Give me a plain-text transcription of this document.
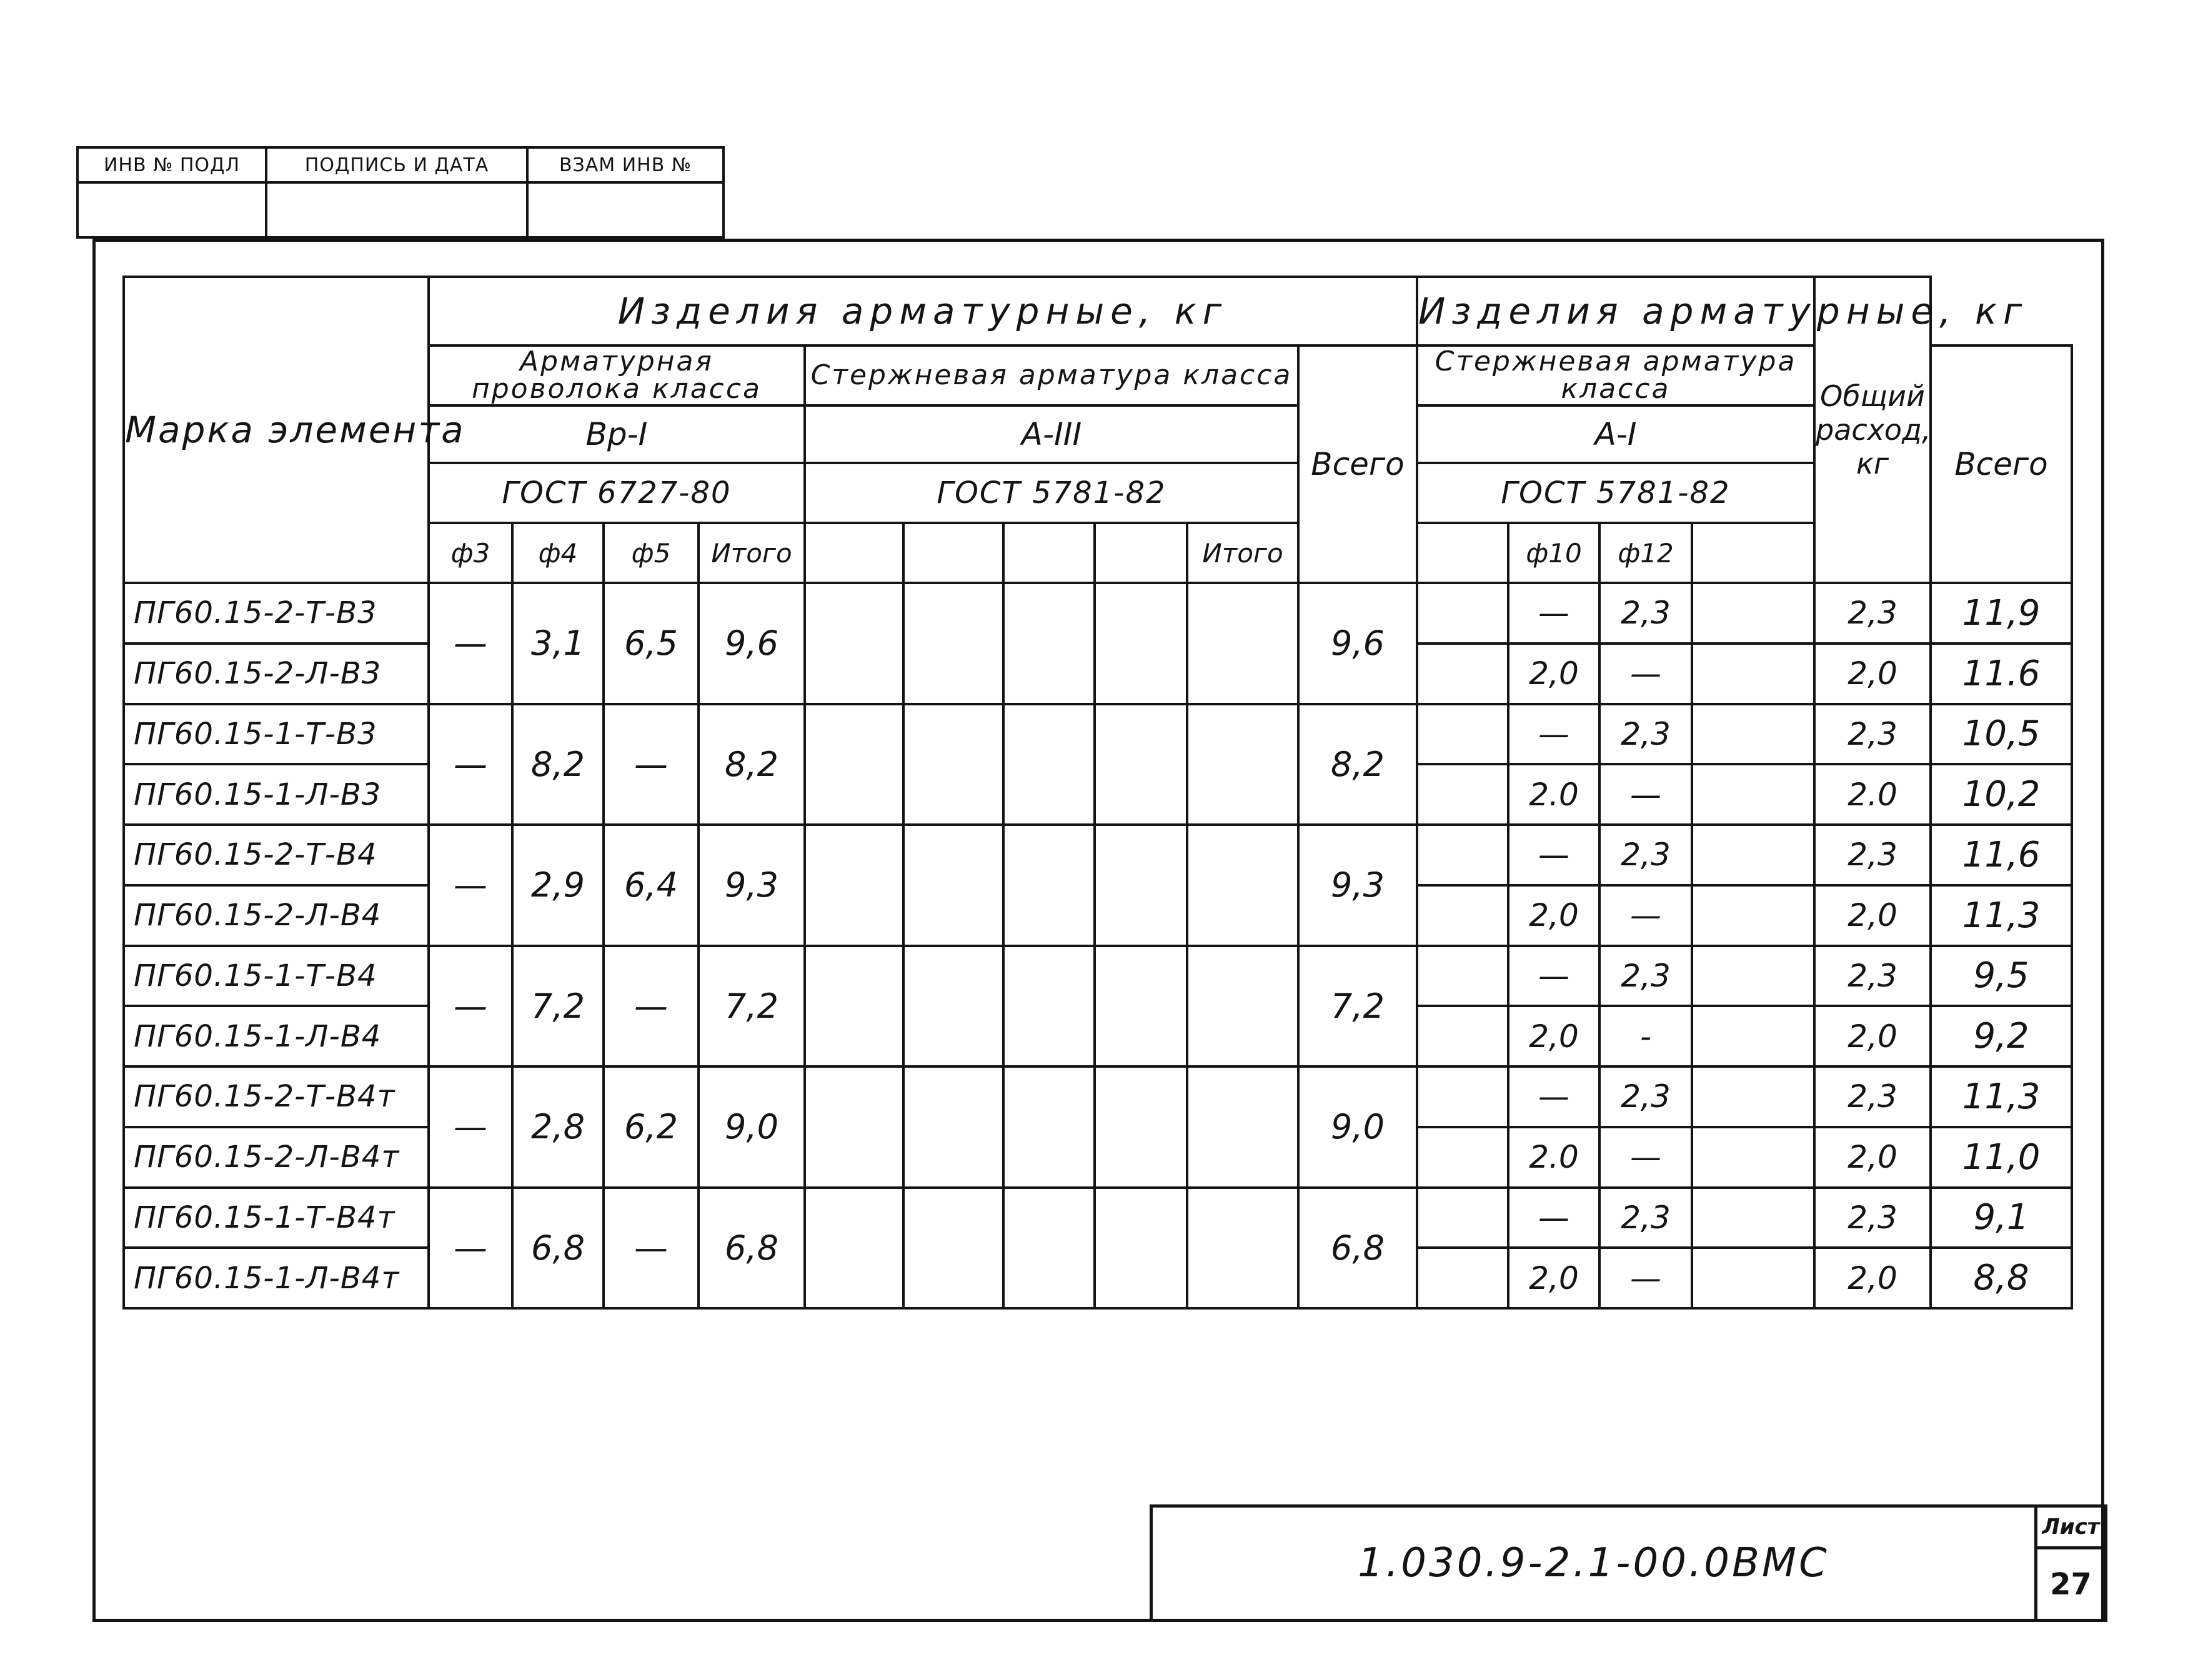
ИНВ № ПОДЛ	ПОДПИСЬ И ДАТА	ВЗАМ ИНВ №

Марка элемента	Изделия арматурные, кг										Изделия арматурные, кг				Общий расход, кг	
	Арматурная проволока класса				Стержневая арматура класса					Всего	Стержневая арматура класса					Всего
	Вр-I				А-III						А-I					
	ГОСТ 6727-80				ГОСТ 5781-82						ГОСТ 5781-82					
	ф3	ф4	ф5	Итого					Итого			ф10	ф12			
ПГ60.15-2-Т-В3	—	3,1	6,5	9,6						9,6		—	2,3		2,3	11,9
ПГ60.15-2-Л-В3												2,0	—		2,0	11.6
ПГ60.15-1-Т-В3	—	8,2	—	8,2						8,2		—	2,3		2,3	10,5
ПГ60.15-1-Л-В3												2.0	—		2.0	10,2
ПГ60.15-2-Т-В4	—	2,9	6,4	9,3						9,3		—	2,3		2,3	11,6
ПГ60.15-2-Л-В4												2,0	—		2,0	11,3
ПГ60.15-1-Т-В4	—	7,2	—	7,2						7,2		—	2,3		2,3	9,5
ПГ60.15-1-Л-В4												2,0	-		2,0	9,2
ПГ60.15-2-Т-В4т	—	2,8	6,2	9,0						9,0		—	2,3		2,3	11,3
ПГ60.15-2-Л-В4т												2.0	—		2,0	11,0
ПГ60.15-1-Т-В4т	—	6,8	—	6,8						6,8		—	2,3		2,3	9,1
ПГ60.15-1-Л-В4т												2,0	—		2,0	8,8
1.030.9-2.1-00.0ВМС	Лист
27
